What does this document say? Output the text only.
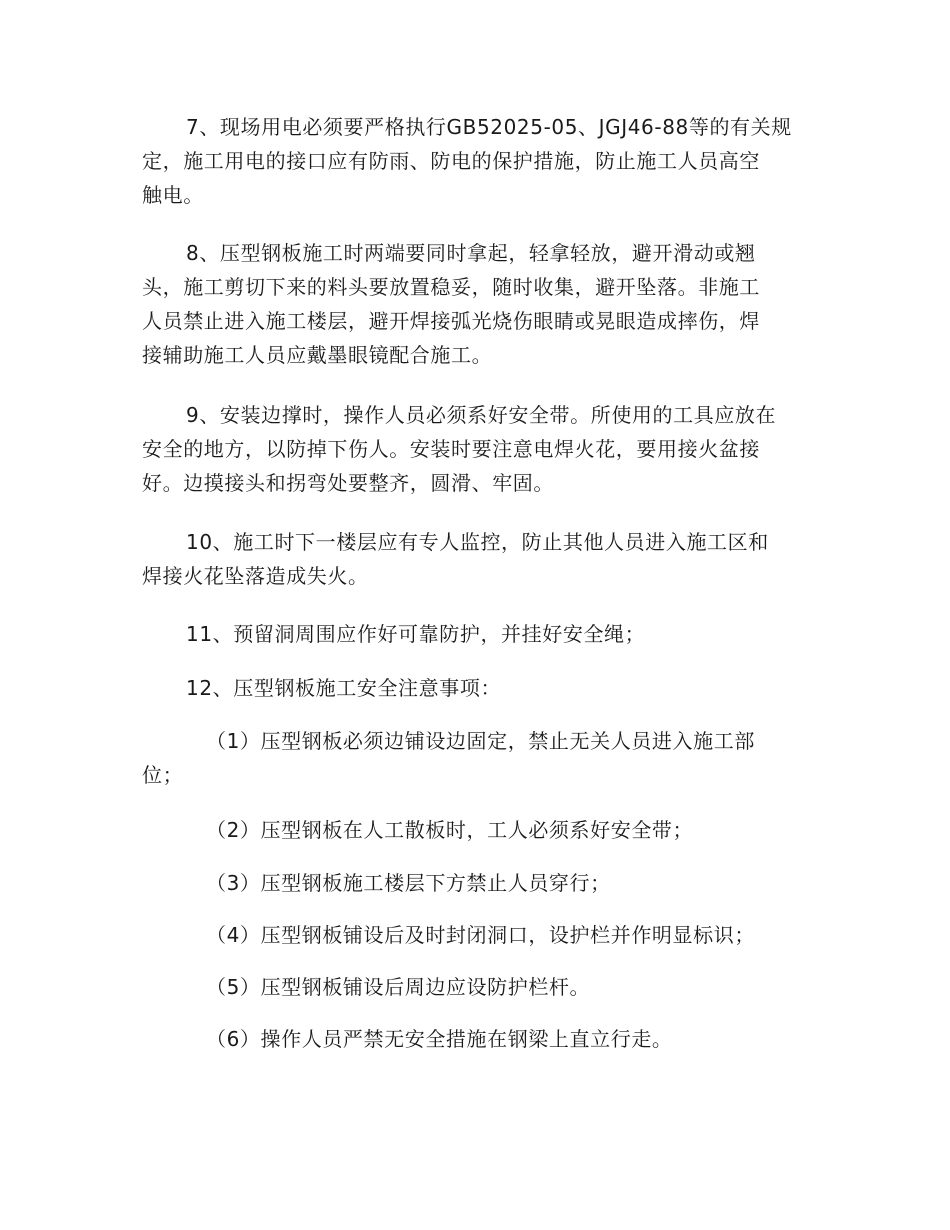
7、现场用电必须要严格执行GB52025-05、JGJ46-88等的有关规
定，施工用电的接口应有防雨、防电的保护措施，防止施工人员高空
触电。

8、压型钢板施工时两端要同时拿起，轻拿轻放，避开滑动或翘
头，施工剪切下来的料头要放置稳妥，随时收集，避开坠落。非施工
人员禁止进入施工楼层，避开焊接弧光烧伤眼睛或晃眼造成摔伤，焊
接辅助施工人员应戴墨眼镜配合施工。

9、安装边撑时，操作人员必须系好安全带。所使用的工具应放在
安全的地方，以防掉下伤人。安装时要注意电焊火花，要用接火盆接
好。边摸接头和拐弯处要整齐，圆滑、牢固。

10、施工时下一楼层应有专人监控，防止其他人员进入施工区和
焊接火花坠落造成失火。

11、预留洞周围应作好可靠防护，并挂好安全绳；

12、压型钢板施工安全注意事项：

（1）压型钢板必须边铺设边固定，禁止无关人员进入施工部
位；

（2）压型钢板在人工散板时，工人必须系好安全带；

（3）压型钢板施工楼层下方禁止人员穿行；

（4）压型钢板铺设后及时封闭洞口，设护栏并作明显标识；

（5）压型钢板铺设后周边应设防护栏杆。

（6）操作人员严禁无安全措施在钢梁上直立行走。
